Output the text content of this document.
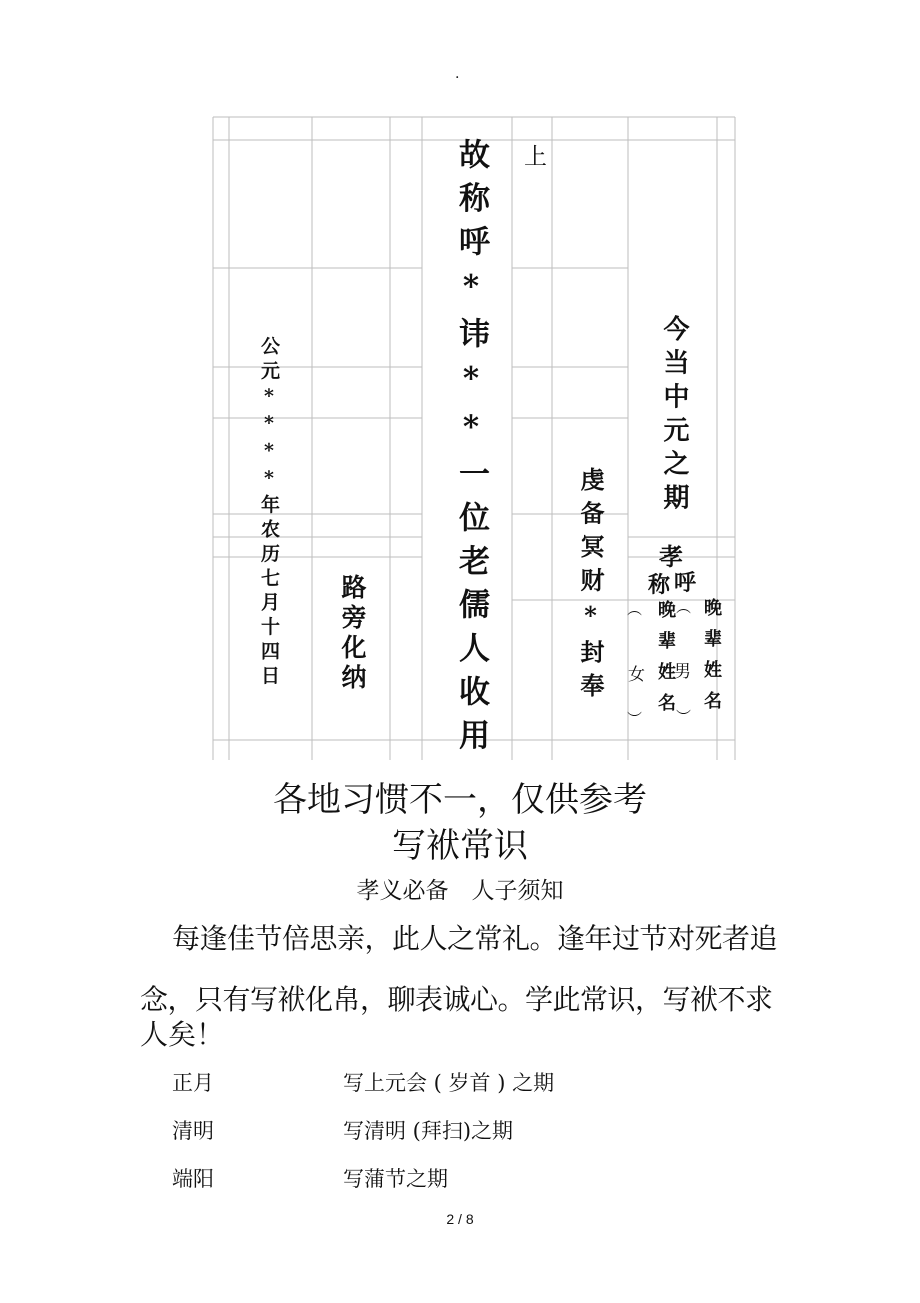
.
公元****年农历七月十四日 路旁化纳	故称呼*讳**一位老儒人收用 上
虔备冥财*封奉
今当中元之期
孝
称 呼
︵
女
︶ 晚辈姓名 ︵
男
︶ 晚辈姓名
各地习惯不一，仅供参考
写袱常识
孝义必备　人子须知
每逢佳节倍思亲，此人之常礼。逢年过节对死者追
念，只有写袱化帛，聊表诚心。学此常识，写袱不求
人矣！
正月	写上元会 ( 岁首 ) 之期
清明	写清明 (拜扫)之期
端阳	写蒲节之期
2 / 8
